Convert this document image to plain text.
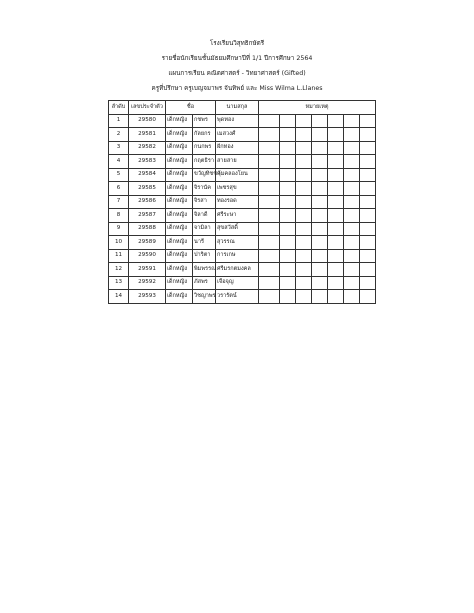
โรงเรียนวิสุทธิกษัตรี
รายชื่อนักเรียนชั้นมัธยมศึกษาปีที่ 1/1 ปีการศึกษา 2564
แผนการเรียน คณิตศาสตร์ - วิทยาศาสตร์ (Gifted)
ครูที่ปรึกษา ครูเบญจมาพร จันทิพย์ และ Miss Wilma L.Llanes
ลำดับ	เลขประจำตัว	ชื่อ		นามสกุล	หมายเหตุ						
1	29580	เด็กหญิง	กชพร	พุดทอง							
2	29581	เด็กหญิง	กัลยกร	เมสวงศ์							
3	29582	เด็กหญิง	กนกพร	ฝักทอง							
4	29583	เด็กหญิง	กฤตธิรา	สายสาย							
5	29584	เด็กหญิง	ขวัญทิชชา	คุ้มคลองโยน							
6	29585	เด็กหญิง	จิรานัค	เพชรสุข							
7	29586	เด็กหญิง	จิรสา	ทองรอด							
8	29587	เด็กหญิง	จิลาดี	ศรีระษา							
9	29588	เด็กหญิง	จามิลา	สุขสวัสดิ์							
10	29589	เด็กหญิง	นารี	สุวรรณ							
11	29590	เด็กหญิง	ปาริตา	การเกษ							
12	29591	เด็กหญิง	พิมพรรณ	ศรีมรกตมงคล							
13	29592	เด็กหญิง	ภัสพร	เจือจุญ							
14	29593	เด็กหญิง	วิชญาพร	วรารัตน์							
